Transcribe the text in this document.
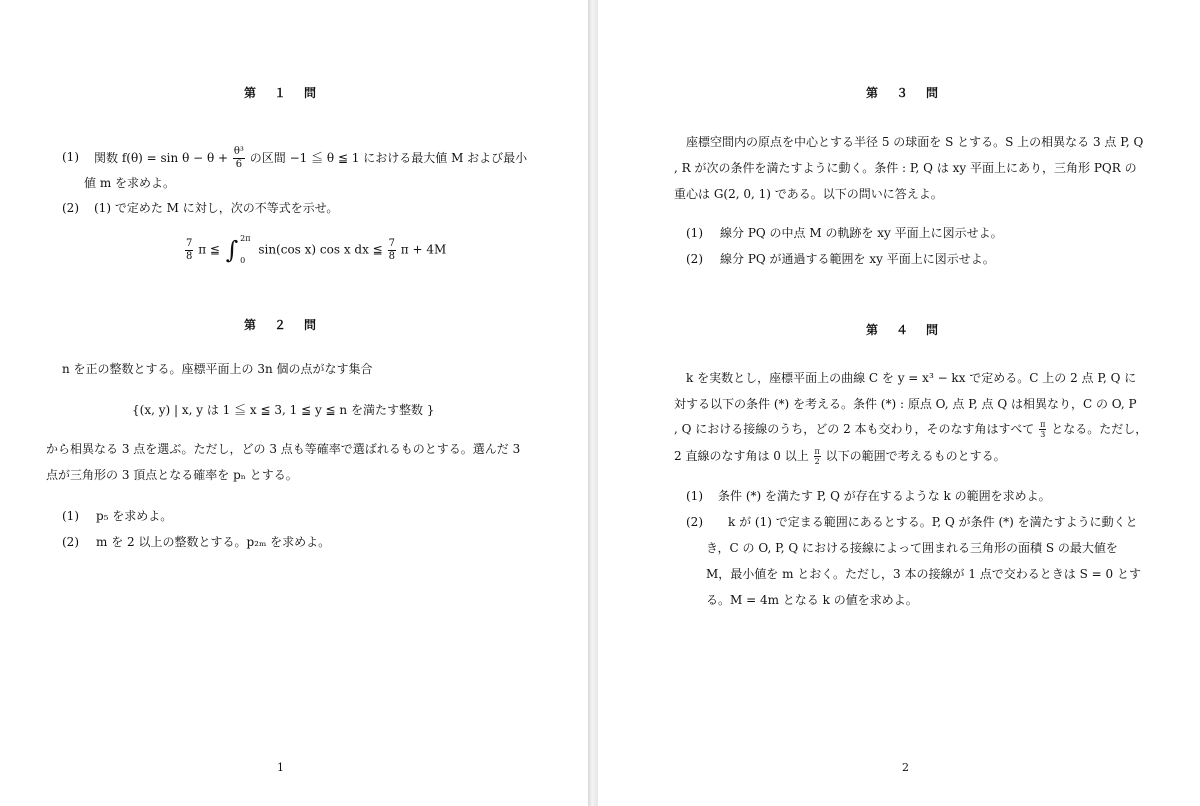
第　１　問
(1) 関数 $f(\theta) = \sin \theta - \theta + \frac{\text{θ³}}{6}$ の区間 −1 ≦ θ ≦ 1 における最大値 M および最小
値 m を求めよ。
(2) (1) で定めた M に対し，次の不等式を示せ。
$\frac{7}{8}$ π ≦ ∫ 2π
0
sin(cos x) cos x dx ≦ $\frac{7}{8}$ π + 4M
第　２　問
n を正の整数とする。座標平面上の 3n 個の点がなす集合
{(x, y) | x, y は 1 ≦ x ≦ 3, 1 ≦ y ≦ n を満たす整数 }
から相異なる 3 点を選ぶ。ただし，どの 3 点も等確率で選ばれるものとする。選んだ 3
点が三角形の 3 頂点となる確率を pₙ とする。
(1) p₅ を求めよ。
(2) m を 2 以上の整数とする。p₂ₘ を求めよ。
1
第　３　問
座標空間内の原点を中心とする半径 5 の球面を S とする。S 上の相異なる 3 点 P, Q
, R が次の条件を満たすように動く。条件 : P, Q は xy 平面上にあり，三角形 PQR の
重心は G(2, 0, 1) である。以下の問いに答えよ。
(1) 線分 PQ の中点 M の軌跡を xy 平面上に図示せよ。
(2) 線分 PQ が通過する範囲を xy 平面上に図示せよ。
第　４　問
k を実数とし，座標平面上の曲線 C を y = x³ − kx で定める。C 上の 2 点 P, Q に
対する以下の条件 (*) を考える。条件 (*) : 原点 O, 点 P, 点 Q は相異なり，C の O, P
, Q における接線のうち，どの 2 本も交わり，そのなす角はすべて $\frac{\pi}{3}$ となる。ただし，
2 直線のなす角は 0 以上 $\frac{\pi}{2}$ 以下の範囲で考えるものとする。
(1) 条件 (*) を満たす P, Q が存在するような k の範囲を求めよ。
(2) k が (1) で定まる範囲にあるとする。P, Q が条件 (*) を満たすように動くと
き，C の O, P, Q における接線によって囲まれる三角形の面積 S の最大値を
M，最小値を m とおく。ただし，3 本の接線が 1 点で交わるときは S = 0 とす
る。M = 4m となる k の値を求めよ。
2
